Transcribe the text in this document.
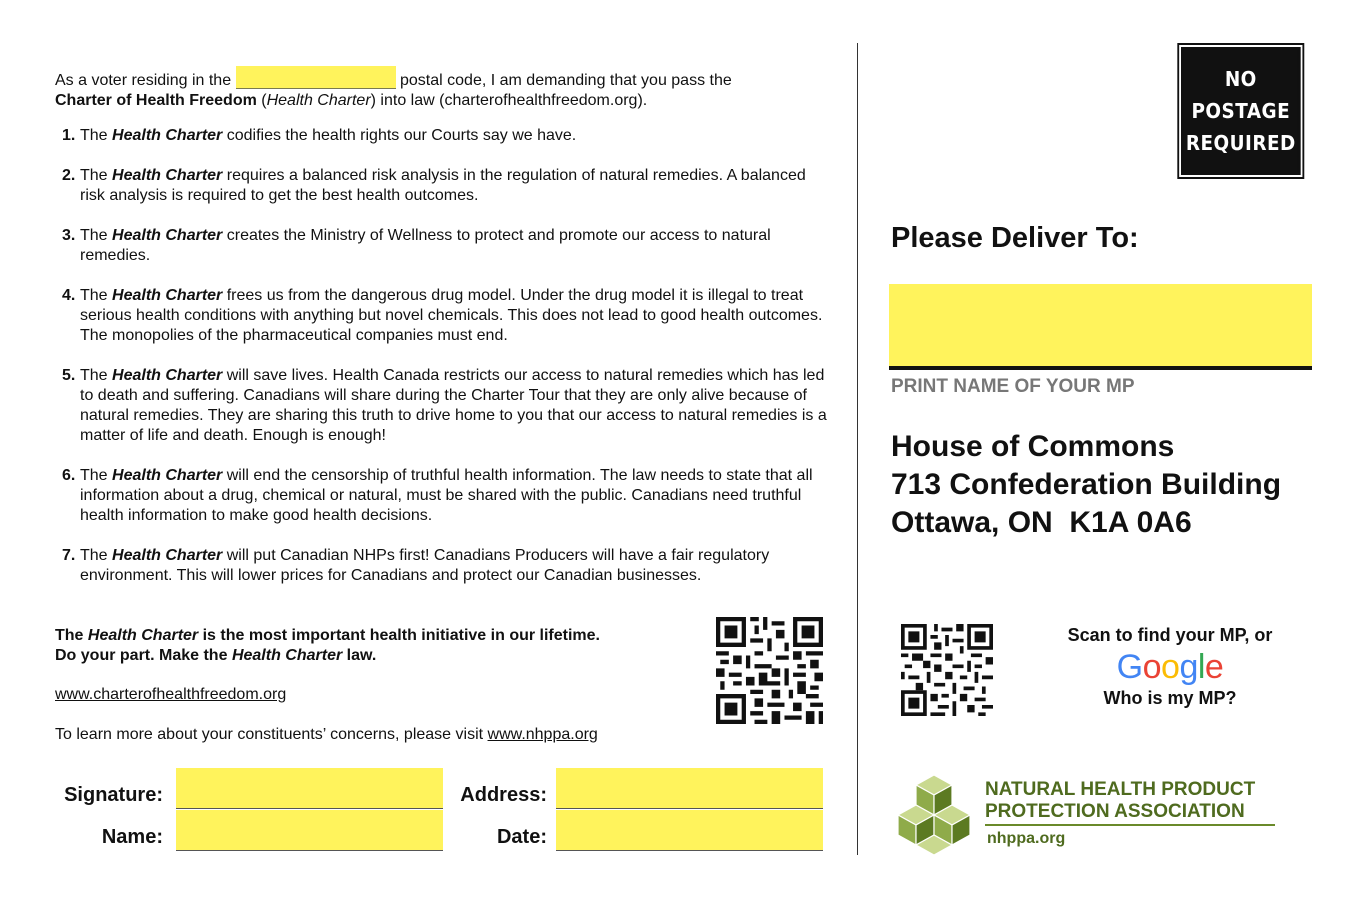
As a voter residing in the	postal code, I am demanding that you pass the
Charter of Health Freedom (Health Charter) into law (charterofhealthfreedom.org).
1. The Health Charter codifies the health rights our Courts say we have.
2. The Health Charter requires a balanced risk analysis in the regulation of natural remedies. A balanced risk analysis is required to get the best health outcomes.
3. The Health Charter creates the Ministry of Wellness to protect and promote our access to natural remedies.
4. The Health Charter frees us from the dangerous drug model. Under the drug model it is illegal to treat serious health conditions with anything but novel chemicals. This does not lead to good health outcomes. The monopolies of the pharmaceutical companies must end.
5. The Health Charter will save lives. Health Canada restricts our access to natural remedies which has led to death and suffering. Canadians will share during the Charter Tour that they are only alive because of natural remedies. They are sharing this truth to drive home to you that our access to natural remedies is a matter of life and death. Enough is enough!
6. The Health Charter will end the censorship of truthful health information. The law needs to state that all information about a drug, chemical or natural, must be shared with the public. Canadians need truthful health information to make good health decisions.
7. The Health Charter will put Canadian NHPs first! Canadians Producers will have a fair regulatory environment. This will lower prices for Canadians and protect our Canadian businesses.
The Health Charter is the most important health initiative in our lifetime.
Do your part. Make the Health Charter law.
www.charterofhealthfreedom.org
To learn more about your constituents’ concerns, please visit www.nhppa.org
Signature:
Name:
Address:
Date:
NO
POSTAGE
REQUIRED
Please Deliver To:
PRINT NAME OF YOUR MP
House of Commons
713 Confederation Building
Ottawa, ON  K1A 0A6
Scan to find your MP, or
Google
Who is my MP?
NATURAL HEALTH PRODUCT
PROTECTION ASSOCIATION
nhppa.org
